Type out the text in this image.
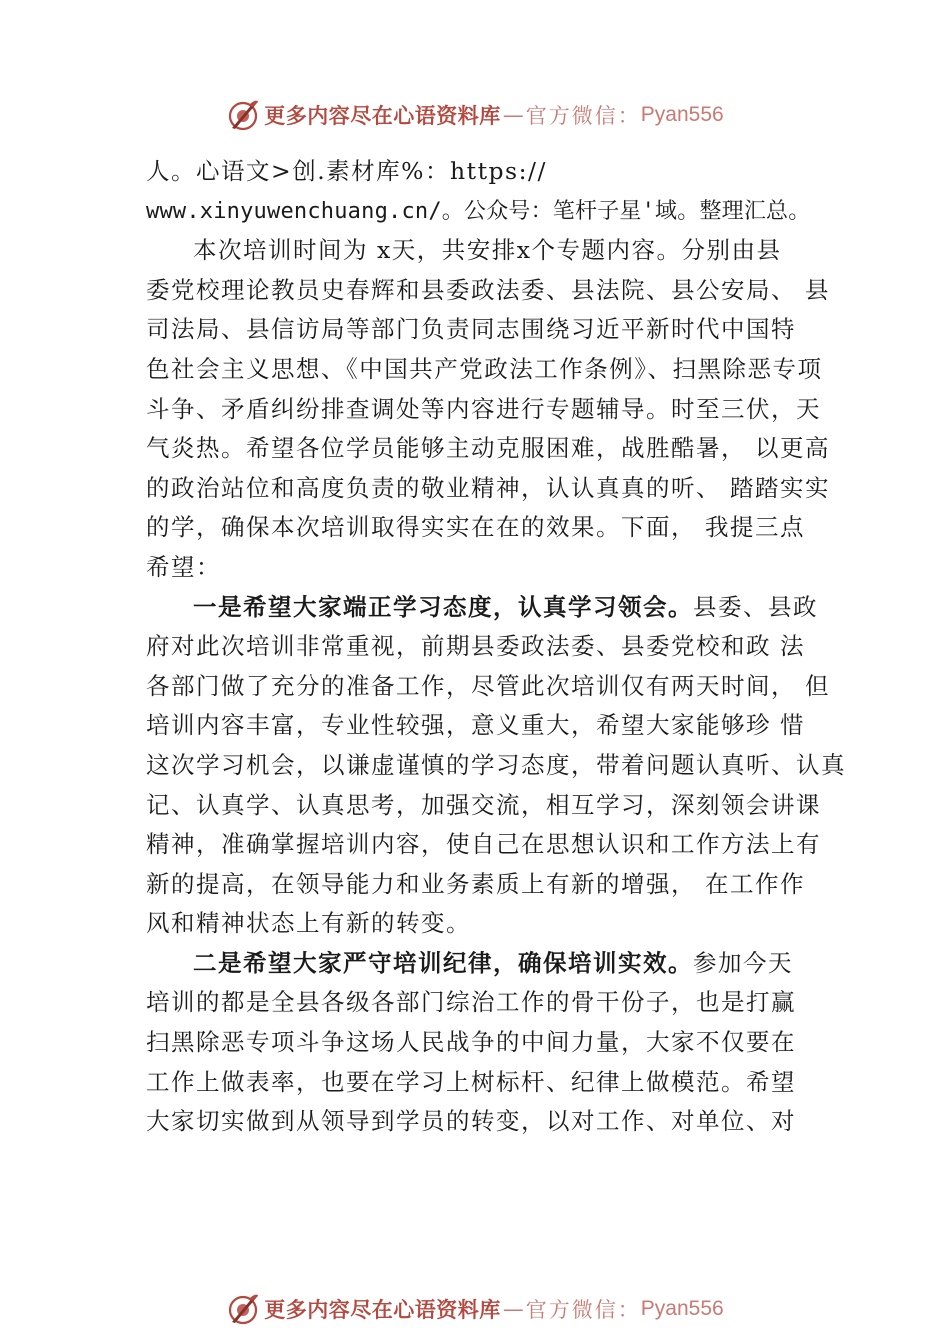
更多内容尽在心语资料库 — 官方微信： Pyan556
人。心语文>创.素材库%：https://
www.xinyuwenchuang.cn/。公众号：笔杆子星'域。整理汇总。
本次培训时间为 x天，共安排x个专题内容。分别由县
委党校理论教员史春辉和县委政法委、县法院、县公安局、 县
司法局、县信访局等部门负责同志围绕习近平新时代中国特
色社会主义思想、《中国共产党政法工作条例》、扫黑除恶专项
斗争、矛盾纠纷排查调处等内容进行专题辅导。时至三伏，天
气炎热。希望各位学员能够主动克服困难，战胜酷暑， 以更高
的政治站位和高度负责的敬业精神，认认真真的听、 踏踏实实
的学，确保本次培训取得实实在在的效果。下面， 我提三点
希望：
一是希望大家端正学习态度，认真学习领会。县委、县政
府对此次培训非常重视，前期县委政法委、县委党校和政 法
各部门做了充分的准备工作，尽管此次培训仅有两天时间， 但
培训内容丰富，专业性较强，意义重大，希望大家能够珍 惜
这次学习机会，以谦虚谨慎的学习态度，带着问题认真听、认真
记、认真学、认真思考，加强交流，相互学习，深刻领会讲课
精神，准确掌握培训内容，使自己在思想认识和工作方法上有
新的提高，在领导能力和业务素质上有新的增强， 在工作作
风和精神状态上有新的转变。
二是希望大家严守培训纪律，确保培训实效。参加今天
培训的都是全县各级各部门综治工作的骨干份子，也是打赢
扫黑除恶专项斗争这场人民战争的中间力量，大家不仅要在
工作上做表率，也要在学习上树标杆、纪律上做模范。希望
大家切实做到从领导到学员的转变，以对工作、对单位、对
更多内容尽在心语资料库 — 官方微信： Pyan556
